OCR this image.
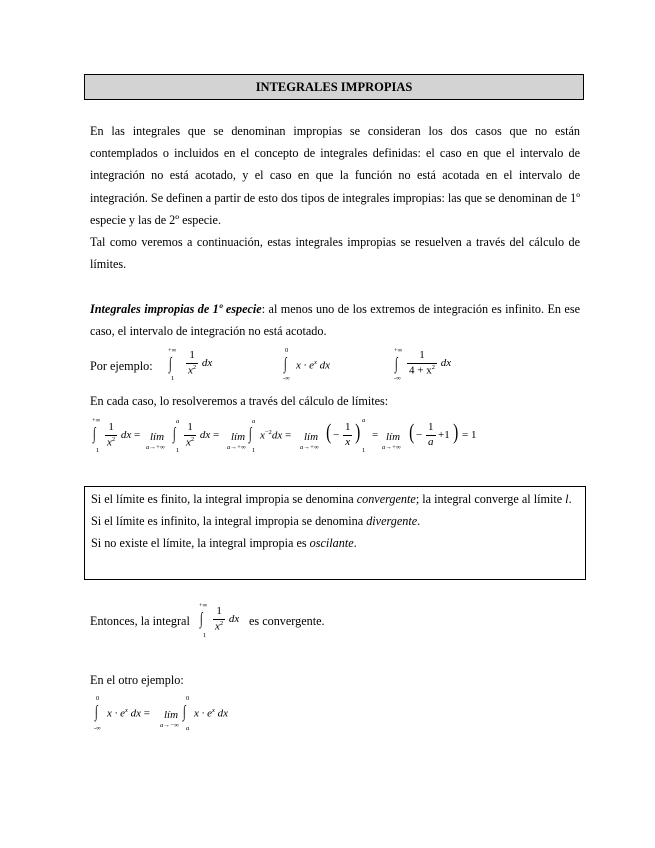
INTEGRALES IMPROPIAS

En las integrales que se denominan impropias se consideran los dos casos que no están contemplados o incluidos en el concepto de integrales definidas: el caso en que el intervalo de integración no está acotado, y el caso en que la función no está acotada en el intervalo de integración. Se definen a partir de esto dos tipos de integrales impropias: las que se denominan de 1º especie y las de 2º especie.

Tal como veremos a continuación, estas integrales impropias se resuelven a través del cálculo de límites.

Integrales impropias de 1º especie: al menos uno de los extremos de integración es infinito. En ese caso, el intervalo de integración no está acotado.

Por ejemplo:
+∞
∫
1
$\frac{1}{x^2}$ dx
0
∫
-∞
$x \cdot e^x$ dx
+∞
∫
-∞
$\frac{1}{4 + x^2}$ dx
En cada caso, lo resolveremos a través del cálculo de límites:
+∞
∫
1
$\frac{1}{x^2}$ dx = lím
a→+∞
a
∫
1
$\frac{1}{x^2}$ dx = lím
a→+∞
a
∫
1
$x^{-2}dx$ = lím
a→+∞
( − $\frac{1}{x}$ ) a
1
= lím
a→+∞
( − $\frac{1}{a} +1$ ) = 1

Si el límite es finito, la integral impropia se denomina convergente; la integral converge al límite l.

Si el límite es infinito, la integral impropia se denomina divergente.

Si no existe el límite, la integral impropia es oscilante.

Entonces, la integral
+∞
∫
1
$\frac{1}{x^2}$ dx es convergente.
En el otro ejemplo:
0
∫
-∞
$x \cdot e^x$ dx = lím
a→−∞
0
∫
a
$x \cdot e^x$ dx
